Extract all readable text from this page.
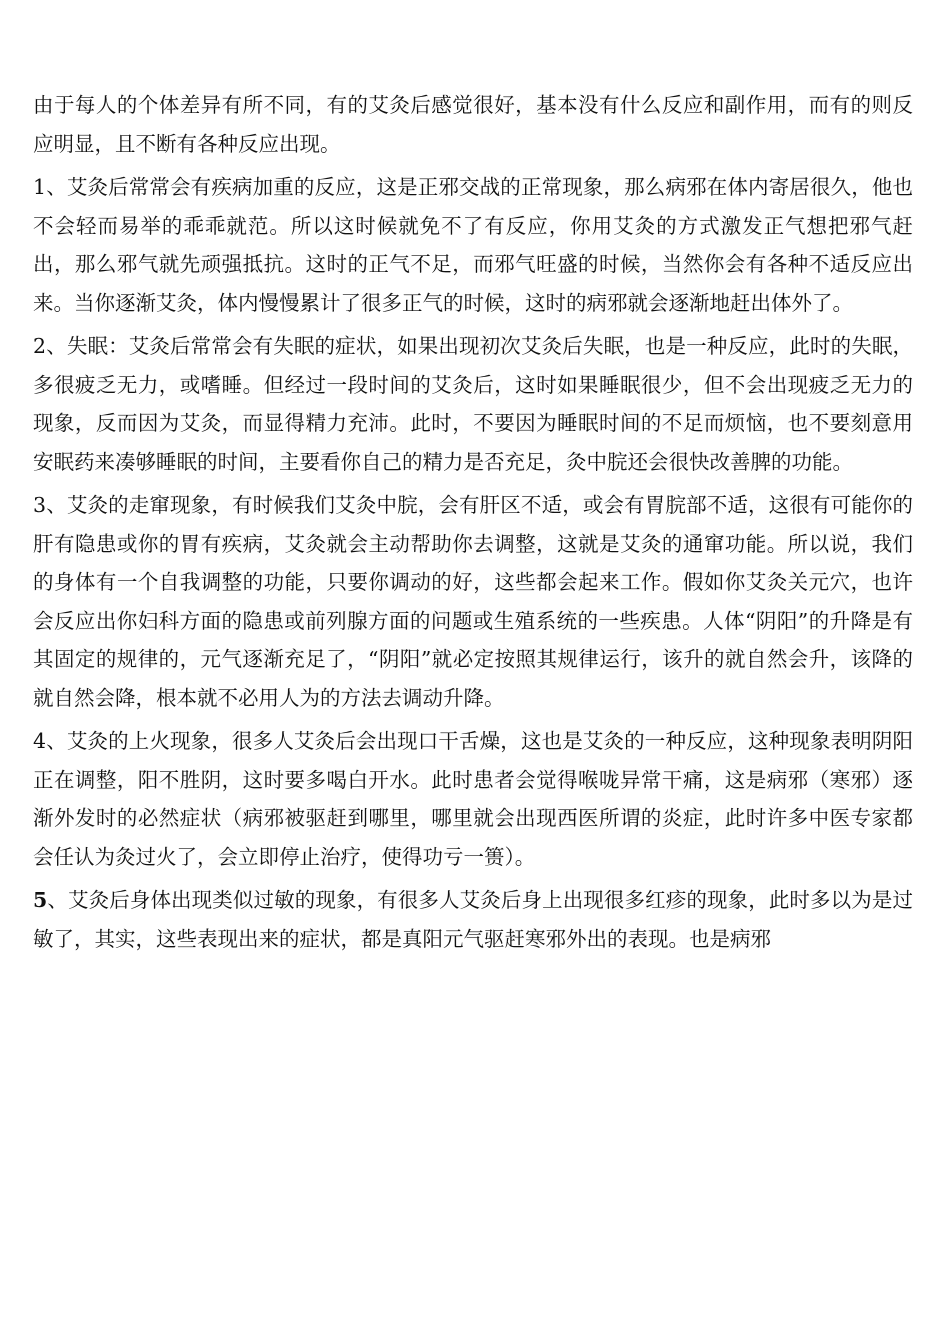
由于每人的个体差异有所不同，有的艾灸后感觉很好，基本没有什么反应和副作用，而有的则反应明显，且不断有各种反应出现。

1、艾灸后常常会有疾病加重的反应，这是正邪交战的正常现象，那么病邪在体内寄居很久，他也不会轻而易举的乖乖就范。所以这时候就免不了有反应，你用艾灸的方式激发正气想把邪气赶出，那么邪气就先顽强抵抗。这时的正气不足，而邪气旺盛的时候，当然你会有各种不适反应出来。当你逐渐艾灸，体内慢慢累计了很多正气的时候，这时的病邪就会逐渐地赶出体外了。

2、失眠：艾灸后常常会有失眠的症状，如果出现初次艾灸后失眠，也是一种反应，此时的失眠，多很疲乏无力，或嗜睡。但经过一段时间的艾灸后，这时如果睡眠很少，但不会出现疲乏无力的现象，反而因为艾灸，而显得精力充沛。此时，不要因为睡眠时间的不足而烦恼，也不要刻意用安眠药来凑够睡眠的时间，主要看你自己的精力是否充足，灸中脘还会很快改善脾的功能。

3、艾灸的走窜现象，有时候我们艾灸中脘，会有肝区不适，或会有胃脘部不适，这很有可能你的肝有隐患或你的胃有疾病，艾灸就会主动帮助你去调整，这就是艾灸的通窜功能。所以说，我们的身体有一个自我调整的功能，只要你调动的好，这些都会起来工作。假如你艾灸关元穴，也许会反应出你妇科方面的隐患或前列腺方面的问题或生殖系统的一些疾患。人体“阴阳”的升降是有其固定的规律的，元气逐渐充足了，“阴阳”就必定按照其规律运行，该升的就自然会升，该降的就自然会降，根本就不必用人为的方法去调动升降。

4、艾灸的上火现象，很多人艾灸后会出现口干舌燥，这也是艾灸的一种反应，这种现象表明阴阳正在调整，阳不胜阴，这时要多喝白开水。此时患者会觉得喉咙异常干痛，这是病邪（寒邪）逐渐外发时的必然症状（病邪被驱赶到哪里，哪里就会出现西医所谓的炎症，此时许多中医专家都会任认为灸过火了，会立即停止治疗，使得功亏一篑）。

5、艾灸后身体出现类似过敏的现象，有很多人艾灸后身上出现很多红疹的现象，此时多以为是过敏了，其实，这些表现出来的症状，都是真阳元气驱赶寒邪外出的表现。也是病邪
